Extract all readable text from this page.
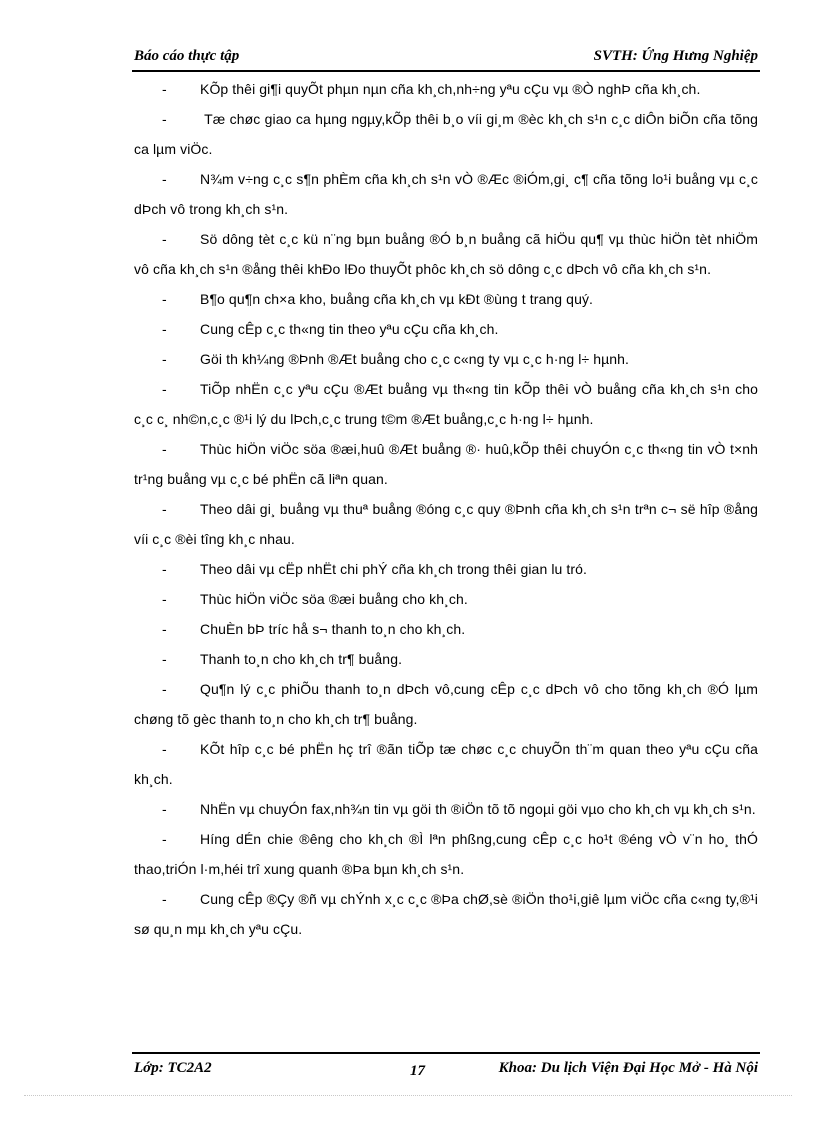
Báo cáo thực tập	SVTH: Ứng Hưng Nghiệp

- KÕp thêi gi¶i quyÕt phµn nµn cña kh¸ch,nh÷ng yªu cÇu vµ ®Ò nghÞ cña kh¸ch.

- Tæ chøc giao ca hµng ngµy,kÕp thêi b¸o víi gi¸m ®èc kh¸ch s¹n c¸c diÔn biÕn cña tõng ca lµm viÖc.

- N¾m v÷ng c¸c s¶n phÈm cña kh¸ch s¹n vÒ ®Æc ®iÓm,gi¸ c¶ cña tõng lo¹i buång vµ c¸c dÞch vô trong kh¸ch s¹n.

- Sö dông tèt c¸c kü n¨ng bµn buång ®Ó b¸n buång cã hiÖu qu¶ vµ thùc hiÖn tèt nhiÖm vô cña kh¸ch s¹n ®ång thêi khÐo lÐo thuyÕt phôc kh¸ch sö dông c¸c dÞch vô cña kh¸ch s¹n.

- B¶o qu¶n ch×a kho, buång cña kh¸ch vµ kÐt ®ùng t trang quý.

- Cung cÊp c¸c th«ng tin theo yªu cÇu cña kh¸ch.

- Göi th kh¼ng ®Þnh ®Æt buång cho c¸c c«ng ty vµ c¸c h·ng l÷ hµnh.

- TiÕp nhËn c¸c yªu cÇu ®Æt buång vµ th«ng tin kÕp thêi vÒ buång cña kh¸ch s¹n cho c¸c c¸ nh©n,c¸c ®¹i lý du lÞch,c¸c trung t©m ®Æt buång,c¸c h·ng l÷ hµnh.

- Thùc hiÖn viÖc söa ®æi,huû ®Æt buång ®· huû,kÕp thêi chuyÓn c¸c th«ng tin vÒ t×nh tr¹ng buång vµ c¸c bé phËn cã liªn quan.

- Theo dâi gi¸ buång vµ thuª buång ®óng c¸c quy ®Þnh cña kh¸ch s¹n trªn c¬ së hîp ®ång víi c¸c ®èi tîng kh¸c nhau.

- Theo dâi vµ cËp nhËt chi phÝ cña kh¸ch trong thêi gian lu tró.

- Thùc hiÖn viÖc söa ®æi buång cho kh¸ch.

- ChuÈn bÞ tríc hå s¬ thanh to¸n cho kh¸ch.

- Thanh to¸n cho kh¸ch tr¶ buång.

- Qu¶n lý c¸c phiÕu thanh to¸n dÞch vô,cung cÊp c¸c dÞch vô cho tõng kh¸ch ®Ó lµm chøng tõ gèc thanh to¸n cho kh¸ch tr¶ buång.

- KÕt hîp c¸c bé phËn hç trî ®ãn tiÕp tæ chøc c¸c chuyÕn th¨m quan theo yªu cÇu cña kh¸ch.

- NhËn vµ chuyÓn fax,nh¾n tin vµ göi th ®iÖn tõ tõ ngoµi göi vµo cho kh¸ch vµ kh¸ch s¹n.

- Híng dÉn chie ®êng cho kh¸ch ®Ì lªn phßng,cung cÊp c¸c ho¹t ®éng vÒ v¨n ho¸ thÓ thao,triÓn l·m,héi trî xung quanh ®Þa bµn kh¸ch s¹n.

- Cung cÊp ®Çy ®ñ vµ chÝnh x¸c c¸c ®Þa chØ,sè ®iÖn tho¹i,giê lµm viÖc cña c«ng ty,®¹i sø qu¸n mµ kh¸ch yªu cÇu.

Lớp: TC2A2	17	Khoa: Du lịch Viện Đại Học Mở - Hà Nội
